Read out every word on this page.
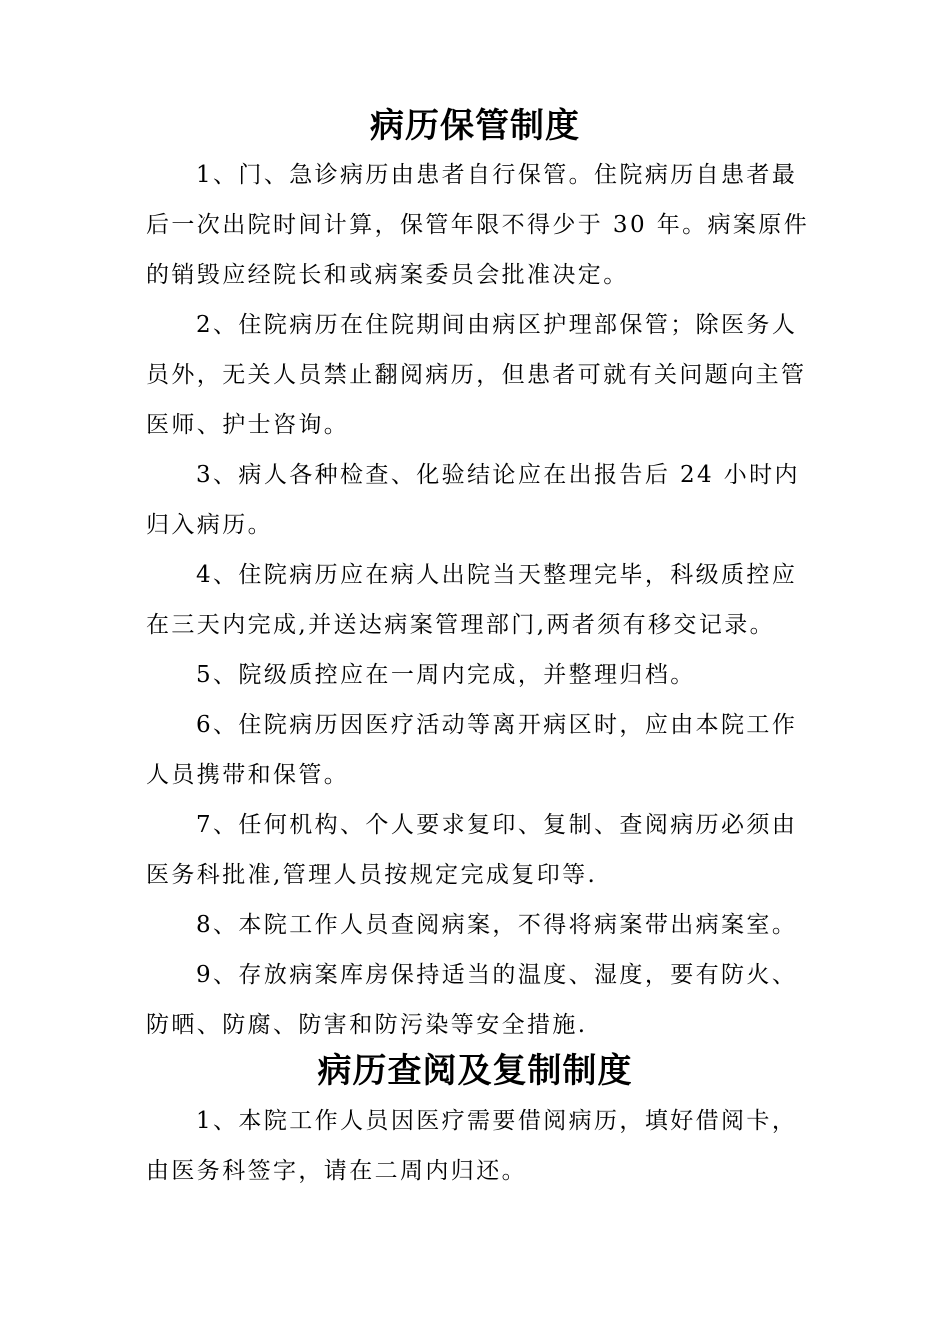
病历保管制度

1、门、急诊病历由患者自行保管。住院病历自患者最后一次出院时间计算，保管年限不得少于 30 年。病案原件的销毁应经院长和或病案委员会批准决定。

2、住院病历在住院期间由病区护理部保管；除医务人员外，无关人员禁止翻阅病历，但患者可就有关问题向主管医师、护士咨询。

3、病人各种检查、化验结论应在出报告后 24 小时内归入病历。

4、住院病历应在病人出院当天整理完毕，科级质控应在三天内完成,并送达病案管理部门,两者须有移交记录。

5、院级质控应在一周内完成，并整理归档。

6、住院病历因医疗活动等离开病区时，应由本院工作人员携带和保管。

7、任何机构、个人要求复印、复制、查阅病历必须由医务科批准,管理人员按规定完成复印等.

8、本院工作人员查阅病案，不得将病案带出病案室。

9、存放病案库房保持适当的温度、湿度，要有防火、防晒、防腐、防害和防污染等安全措施.

病历查阅及复制制度

1、本院工作人员因医疗需要借阅病历，填好借阅卡，由医务科签字，请在二周内归还。
